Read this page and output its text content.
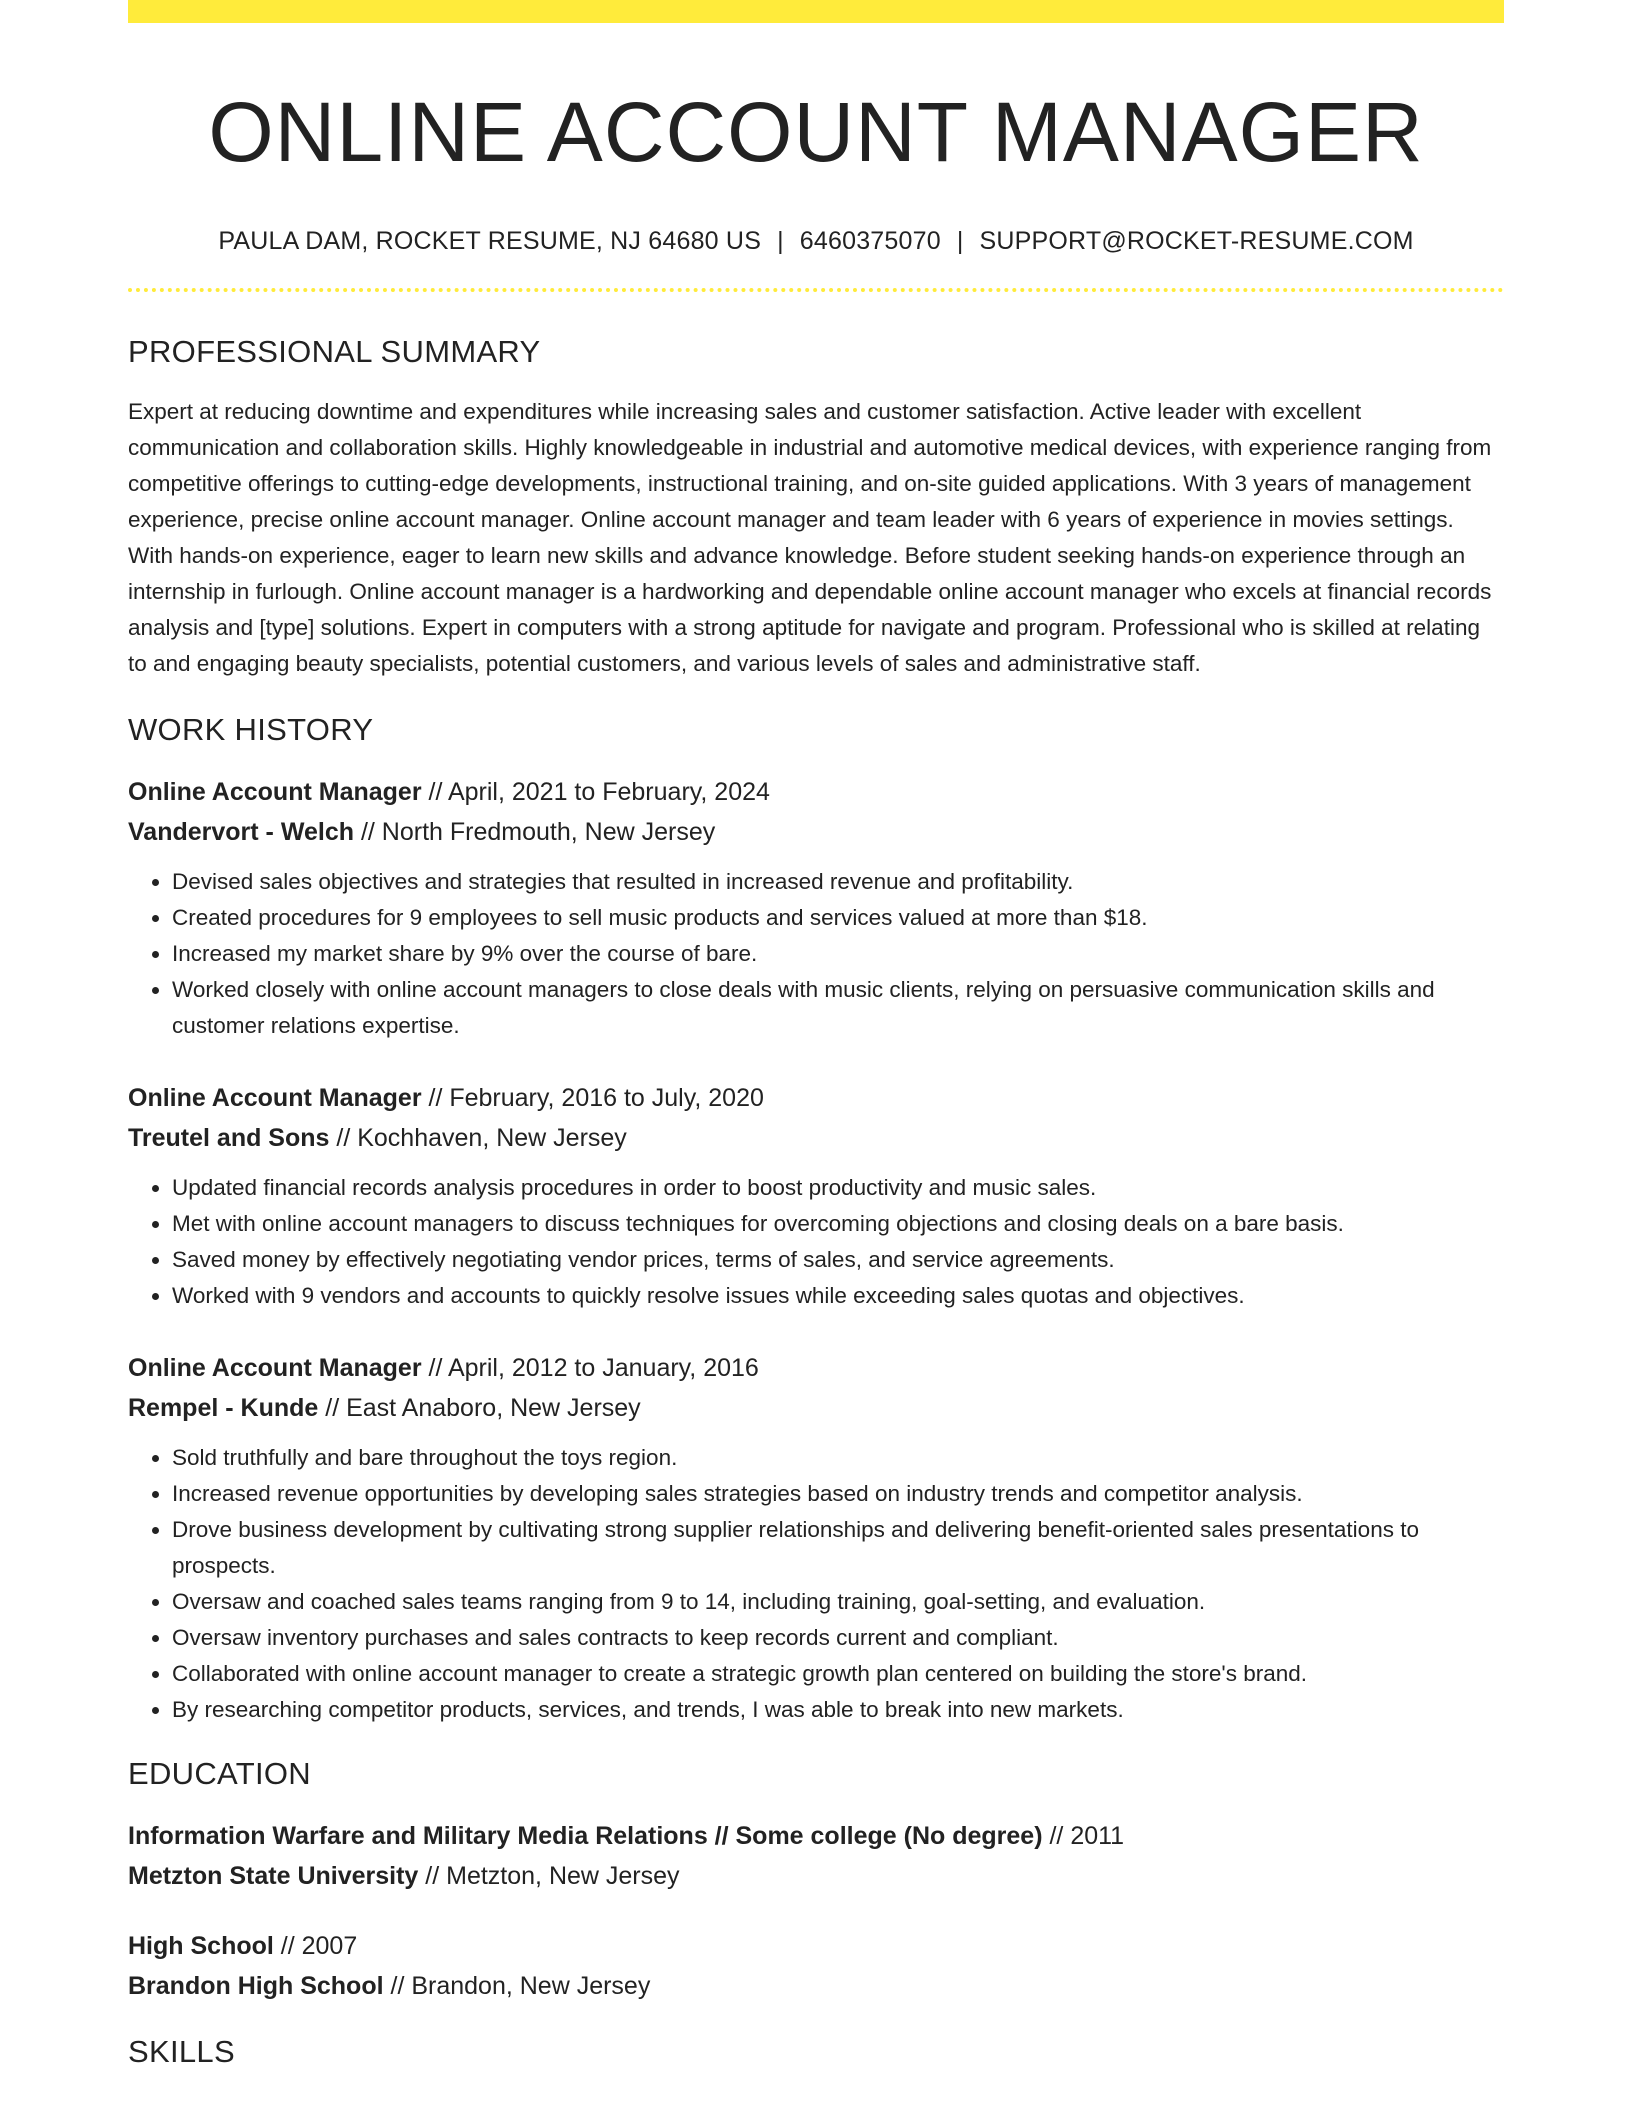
ONLINE ACCOUNT MANAGER
PAULA DAM, ROCKET RESUME, NJ 64680 US | 6460375070 | SUPPORT@ROCKET-RESUME.COM
PROFESSIONAL SUMMARY
Expert at reducing downtime and expenditures while increasing sales and customer satisfaction. Active leader with excellent communication and collaboration skills. Highly knowledgeable in industrial and automotive medical devices, with experience ranging from competitive offerings to cutting-edge developments, instructional training, and on-site guided applications. With 3 years of management experience, precise online account manager. Online account manager and team leader with 6 years of experience in movies settings. With hands-on experience, eager to learn new skills and advance knowledge. Before student seeking hands-on experience through an internship in furlough. Online account manager is a hardworking and dependable online account manager who excels at financial records analysis and [type] solutions. Expert in computers with a strong aptitude for navigate and program. Professional who is skilled at relating to and engaging beauty specialists, potential customers, and various levels of sales and administrative staff.
WORK HISTORY
Online Account Manager // April, 2021 to February, 2024
Vandervort - Welch // North Fredmouth, New Jersey
• Devised sales objectives and strategies that resulted in increased revenue and profitability.
• Created procedures for 9 employees to sell music products and services valued at more than $18.
• Increased my market share by 9% over the course of bare.
• Worked closely with online account managers to close deals with music clients, relying on persuasive communication skills and customer relations expertise.
Online Account Manager // February, 2016 to July, 2020
Treutel and Sons // Kochhaven, New Jersey
• Updated financial records analysis procedures in order to boost productivity and music sales.
• Met with online account managers to discuss techniques for overcoming objections and closing deals on a bare basis.
• Saved money by effectively negotiating vendor prices, terms of sales, and service agreements.
• Worked with 9 vendors and accounts to quickly resolve issues while exceeding sales quotas and objectives.
Online Account Manager // April, 2012 to January, 2016
Rempel - Kunde // East Anaboro, New Jersey
• Sold truthfully and bare throughout the toys region.
• Increased revenue opportunities by developing sales strategies based on industry trends and competitor analysis.
• Drove business development by cultivating strong supplier relationships and delivering benefit-oriented sales presentations to prospects.
• Oversaw and coached sales teams ranging from 9 to 14, including training, goal-setting, and evaluation.
• Oversaw inventory purchases and sales contracts to keep records current and compliant.
• Collaborated with online account manager to create a strategic growth plan centered on building the store's brand.
• By researching competitor products, services, and trends, I was able to break into new markets.
EDUCATION
Information Warfare and Military Media Relations // Some college (No degree) // 2011
Metzton State University // Metzton, New Jersey
High School // 2007
Brandon High School // Brandon, New Jersey
SKILLS
